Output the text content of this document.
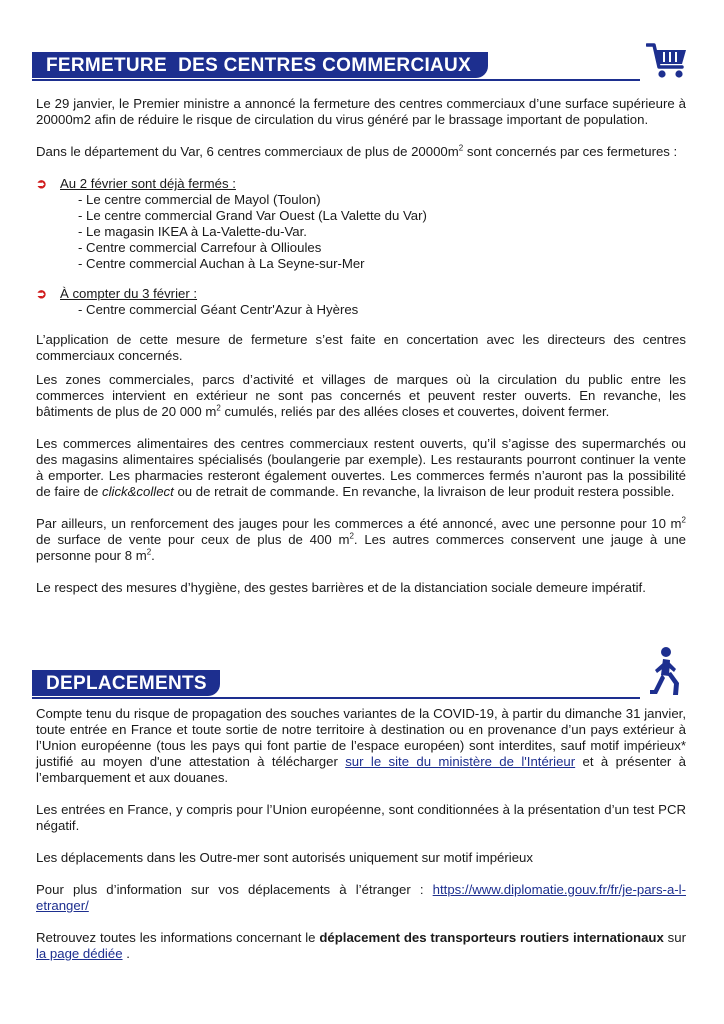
FERMETURE  DES CENTRES COMMERCIAUX

Le 29 janvier, le Premier ministre a annoncé la fermeture des centres commerciaux d’une surface supérieure à 20000m2 afin de réduire le risque de circulation du virus généré par le brassage important de population.

Dans le département du Var, 6 centres commerciaux de plus de $20000m^2$ sont concernés par ces fermetures :

➲ Au 2 février sont déjà fermés :
- Le centre commercial de Mayol (Toulon)
- Le centre commercial Grand Var Ouest (La Valette du Var)
- Le magasin IKEA à La-Valette-du-Var.
- Centre commercial Carrefour à Ollioules
- Centre commercial Auchan à La Seyne-sur-Mer
➲ À compter du 3 février :
- Centre commercial Géant Centr'Azur à Hyères

L’application de cette mesure de fermeture s’est faite en concertation avec les directeurs des centres commerciaux concernés.

Les zones commerciales, parcs d’activité et villages de marques où la circulation du public entre les commerces intervient en extérieur ne sont pas concernés et peuvent rester ouverts. En revanche, les bâtiments de plus de 20 000 $m^2$ cumulés, reliés par des allées closes et couvertes, doivent fermer.

Les commerces alimentaires des centres commerciaux restent ouverts, qu’il s’agisse des supermarchés ou des magasins alimentaires spécialisés (boulangerie par exemple). Les restaurants pourront continuer la vente à emporter. Les pharmacies resteront également ouvertes. Les commerces fermés n’auront pas la possibilité de faire de click&collect ou de retrait de commande. En revanche, la livraison de leur produit restera possible.

Par ailleurs, un renforcement des jauges pour les commerces a été annoncé, avec une personne pour 10 $m^2$ de surface de vente pour ceux de plus de 400 $m^2$. Les autres commerces conservent une jauge à une personne pour 8 $m^2$.

Le respect des mesures d’hygiène, des gestes barrières et de la distanciation sociale demeure impératif.

DEPLACEMENTS

Compte tenu du risque de propagation des souches variantes de la COVID-19, à partir du dimanche 31 janvier, toute entrée en France et toute sortie de notre territoire à destination ou en provenance d’un pays extérieur à l’Union européenne (tous les pays qui font partie de l’espace européen) sont interdites, sauf motif impérieux* justifié au moyen d'une attestation à télécharger sur le site du ministère de l'Intérieur et à présenter à l’embarquement et aux douanes.

Les entrées en France, y compris pour l’Union européenne, sont conditionnées à la présentation d’un test PCR négatif.

Les déplacements dans les Outre-mer sont autorisés uniquement sur motif impérieux

Pour plus d’information sur vos déplacements à l’étranger : https://www.diplomatie.gouv.fr/fr/je-pars-a-l-etranger/

Retrouvez toutes les informations concernant le déplacement des transporteurs routiers internationaux sur la page dédiée .
